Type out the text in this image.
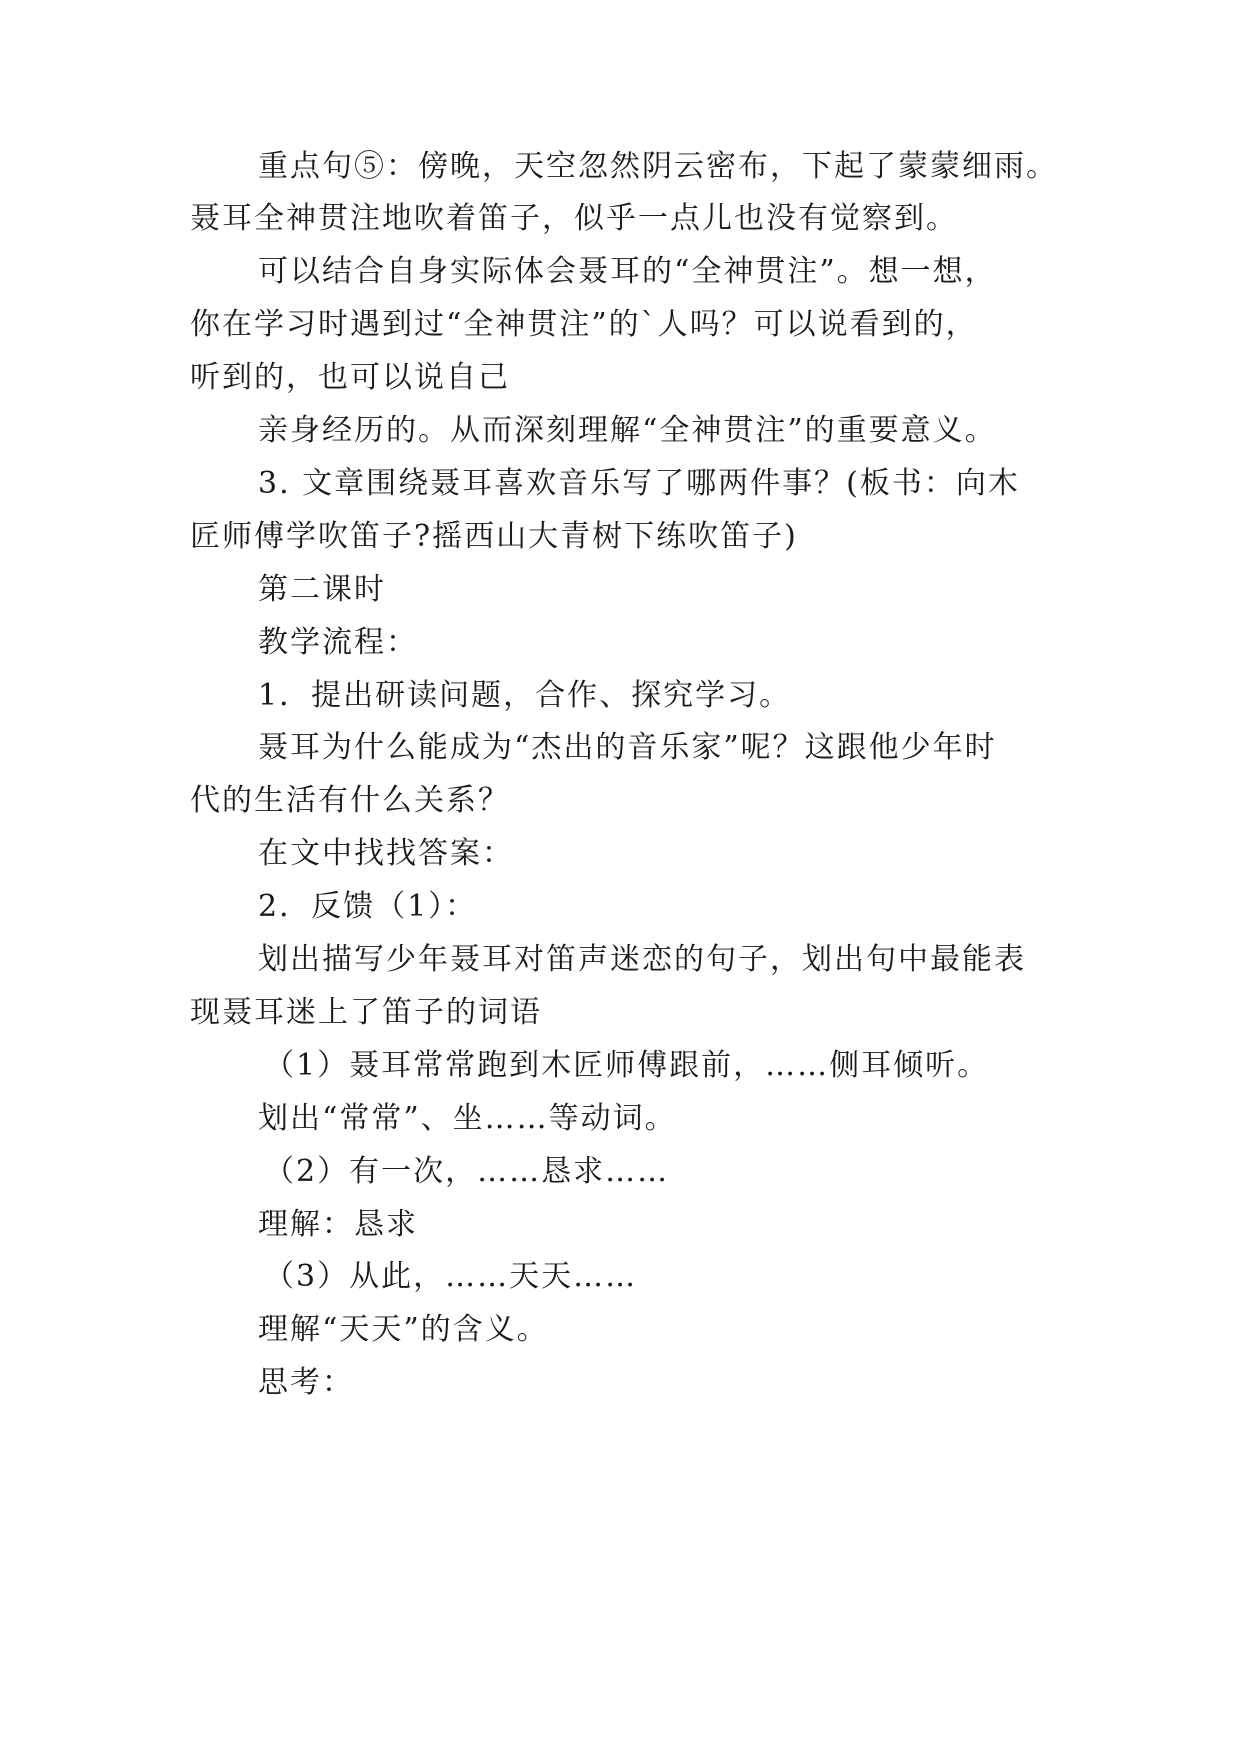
重点句⑤：傍晚，天空忽然阴云密布，下起了蒙蒙细雨。
聂耳全神贯注地吹着笛子，似乎一点儿也没有觉察到。
可以结合自身实际体会聂耳的“全神贯注”。想一想，
你在学习时遇到过“全神贯注”的`人吗？可以说看到的，
听到的，也可以说自己
亲身经历的。从而深刻理解“全神贯注”的重要意义。
3. 文章围绕聂耳喜欢音乐写了哪两件事？(板书：向木
匠师傅学吹笛子?摇西山大青树下练吹笛子)
第二课时
教学流程：
1．提出研读问题，合作、探究学习。
聂耳为什么能成为“杰出的音乐家”呢？这跟他少年时
代的生活有什么关系？
在文中找找答案：
2．反馈（1）：
划出描写少年聂耳对笛声迷恋的句子，划出句中最能表
现聂耳迷上了笛子的词语
（1）聂耳常常跑到木匠师傅跟前，……侧耳倾听。
划出“常常”、坐……等动词。
（2）有一次，……恳求……
理解：恳求
（3）从此，……天天……
理解“天天”的含义。
思考：
